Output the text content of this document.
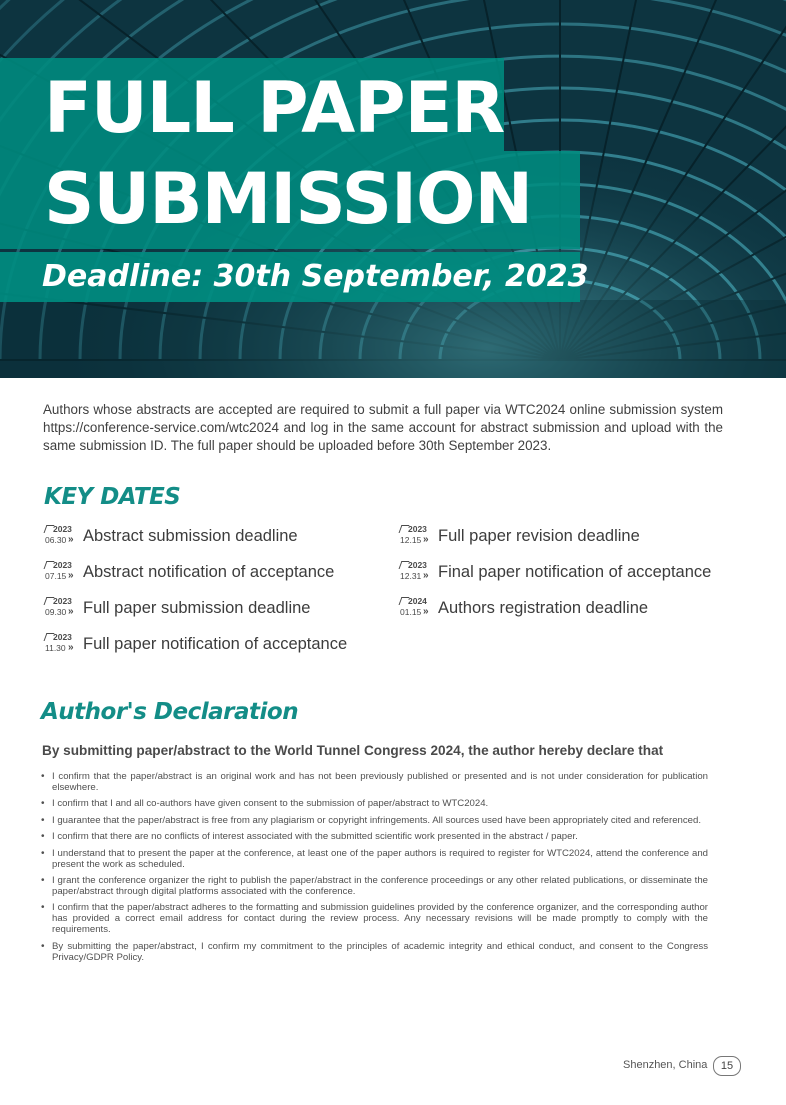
FULL PAPER
SUBMISSION
Deadline: 30th September, 2023

Authors whose abstracts are accepted are required to submit a full paper via WTC2024 online submission system https://conference-service.com/wtc2024 and log in the same account for abstract submission and upload with the same submission ID. The full paper should be uploaded before 30th September 2023.

KEY DATES
2023
06.30 » Abstract submission deadline
2023
07.15 » Abstract notification of acceptance
2023
09.30 » Full paper submission deadline
2023
11.30 » Full paper notification of acceptance
2023
12.15 » Full paper revision deadline
2023
12.31 » Final paper notification of acceptance
2024
01.15 » Authors registration deadline
Author's Declaration
By submitting paper/abstract to the World Tunnel Congress 2024, the author hereby declare that
• I confirm that the paper/abstract is an original work and has not been previously published or presented and is not under consideration for publication elsewhere.
• I confirm that I and all co-authors have given consent to the submission of paper/abstract to WTC2024.
• I guarantee that the paper/abstract is free from any plagiarism or copyright infringements. All sources used have been appropriately cited and referenced.
• I confirm that there are no conflicts of interest associated with the submitted scientific work presented in the abstract / paper.
• I understand that to present the paper at the conference, at least one of the paper authors is required to register for WTC2024, attend the conference and present the work as scheduled.
• I grant the conference organizer the right to publish the paper/abstract in the conference proceedings or any other related publications, or disseminate the paper/abstract through digital platforms associated with the conference.
• I confirm that the paper/abstract adheres to the formatting and submission guidelines provided by the conference organizer, and the corresponding author has provided a correct email address for contact during the review process. Any necessary revisions will be made promptly to comply with the requirements.
• By submitting the paper/abstract, I confirm my commitment to the principles of academic integrity and ethical conduct, and consent to the Congress Privacy/GDPR Policy.
Shenzhen, China	15
